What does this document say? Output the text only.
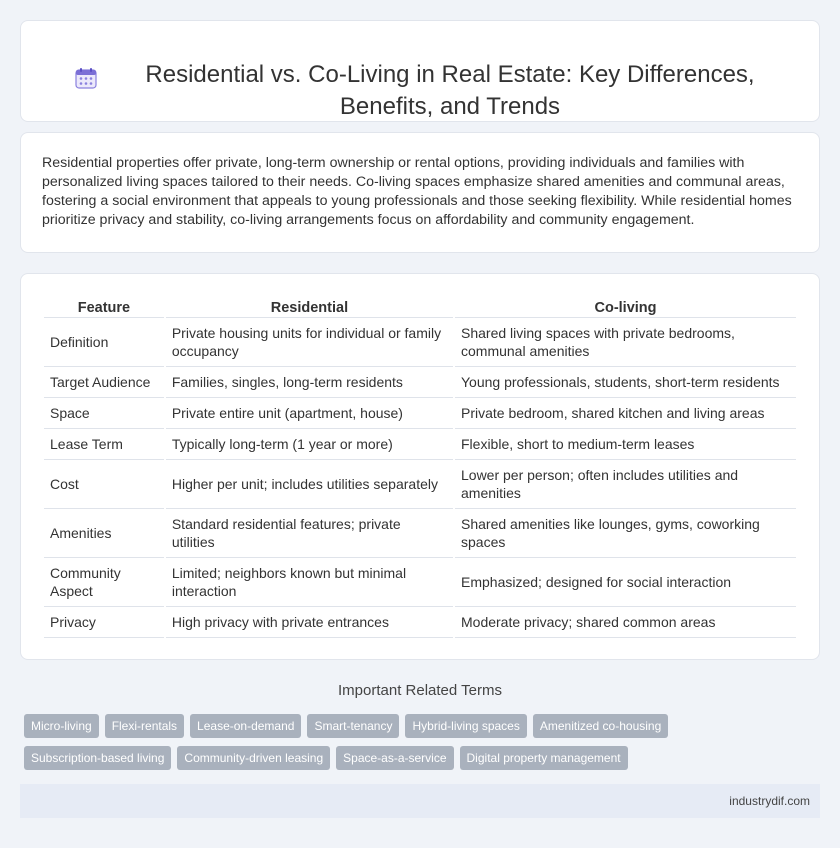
Residential vs. Co-Living in Real Estate: Key Differences, Benefits, and Trends

Residential properties offer private, long-term ownership or rental options, providing individuals and families with personalized living spaces tailored to their needs. Co-living spaces emphasize shared amenities and communal areas, fostering a social environment that appeals to young professionals and those seeking flexibility. While residential homes prioritize privacy and stability, co-living arrangements focus on affordability and community engagement.

Feature	Residential	Co-living
Definition	Private housing units for individual or family occupancy	Shared living spaces with private bedrooms, communal amenities
Target Audience	Families, singles, long-term residents	Young professionals, students, short-term residents
Space	Private entire unit (apartment, house)	Private bedroom, shared kitchen and living areas
Lease Term	Typically long-term (1 year or more)	Flexible, short to medium-term leases
Cost	Higher per unit; includes utilities separately	Lower per person; often includes utilities and amenities
Amenities	Standard residential features; private utilities	Shared amenities like lounges, gyms, coworking spaces
Community Aspect	Limited; neighbors known but minimal interaction	Emphasized; designed for social interaction
Privacy	High privacy with private entrances	Moderate privacy; shared common areas
Important Related Terms
Micro-living	Flexi-rentals	Lease-on-demand	Smart-tenancy	Hybrid-living spaces	Amenitized co-housing
Subscription-based living	Community-driven leasing	Space-as-a-service	Digital property management
industrydif.com
